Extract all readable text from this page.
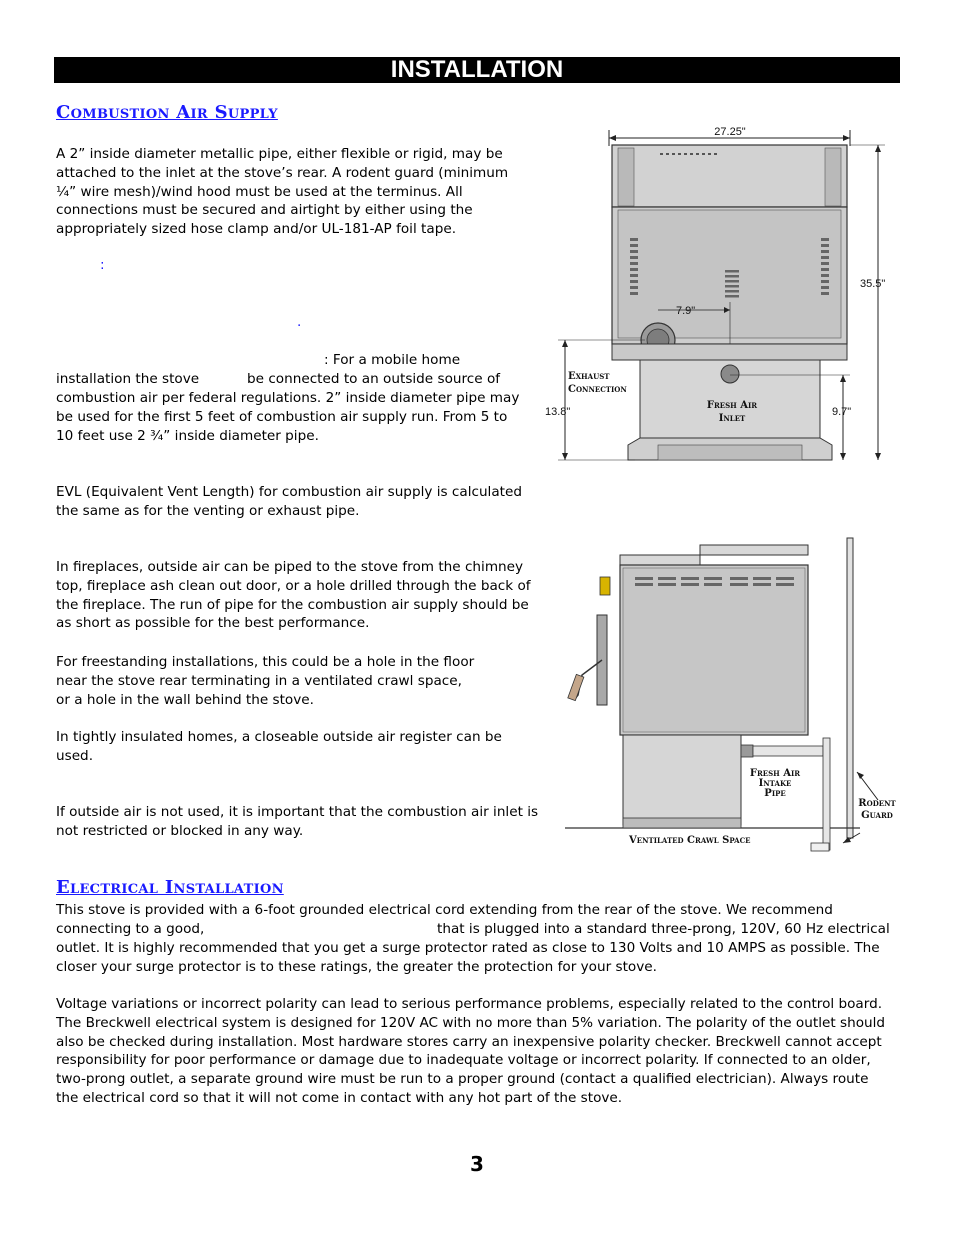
INSTALLATION
Combustion Air Supply
A 2” inside diameter metallic pipe, either flexible or rigid, may be
attached to the inlet at the stove’s rear. A rodent guard (minimum
¼” wire mesh)/wind hood must be used at the terminus. All
connections must be secured and airtight by either using the
appropriately sized hose clamp and/or UL-181-AP foil tape.
:
.
: For a mobile home
installation the stove	be connected to an outside source of
combustion air per federal regulations. 2” inside diameter pipe may
be used for the first 5 feet of combustion air supply run. From 5 to
10 feet use 2 ¾” inside diameter pipe.
EVL (Equivalent Vent Length) for combustion air supply is calculated
the same as for the venting or exhaust pipe.
In fireplaces, outside air can be piped to the stove from the chimney
top, fireplace ash clean out door, or a hole drilled through the back of
the fireplace. The run of pipe for the combustion air supply should be
as short as possible for the best performance.
For freestanding installations, this could be a hole in the floor
near the stove rear terminating in a ventilated crawl space,
or a hole in the wall behind the stove.
In tightly insulated homes, a closeable outside air register can be
used.
If outside air is not used, it is important that the combustion air inlet is
not restricted or blocked in any way.
27.25"
7.9"
35.5"
9.7"
13.8"
Exhaust
Connection
Fresh Air
Inlet
Fresh Air
Intake
Pipe
Rodent
Guard
Ventilated Crawl Space
Electrical Installation
This stove is provided with a 6-foot grounded electrical cord extending from the rear of the stove. We recommend
connecting to a good,	that is plugged into a standard three-prong, 120V, 60 Hz electrical
outlet. It is highly recommended that you get a surge protector rated as close to 130 Volts and 10 AMPS as possible. The
closer your surge protector is to these ratings, the greater the protection for your stove.
Voltage variations or incorrect polarity can lead to serious performance problems, especially related to the control board.
The Breckwell electrical system is designed for 120V AC with no more than 5% variation. The polarity of the outlet should
also be checked during installation. Most hardware stores carry an inexpensive polarity checker. Breckwell cannot accept
responsibility for poor performance or damage due to inadequate voltage or incorrect polarity. If connected to an older,
two-prong outlet, a separate ground wire must be run to a proper ground (contact a qualified electrician). Always route
the electrical cord so that it will not come in contact with any hot part of the stove.
3
